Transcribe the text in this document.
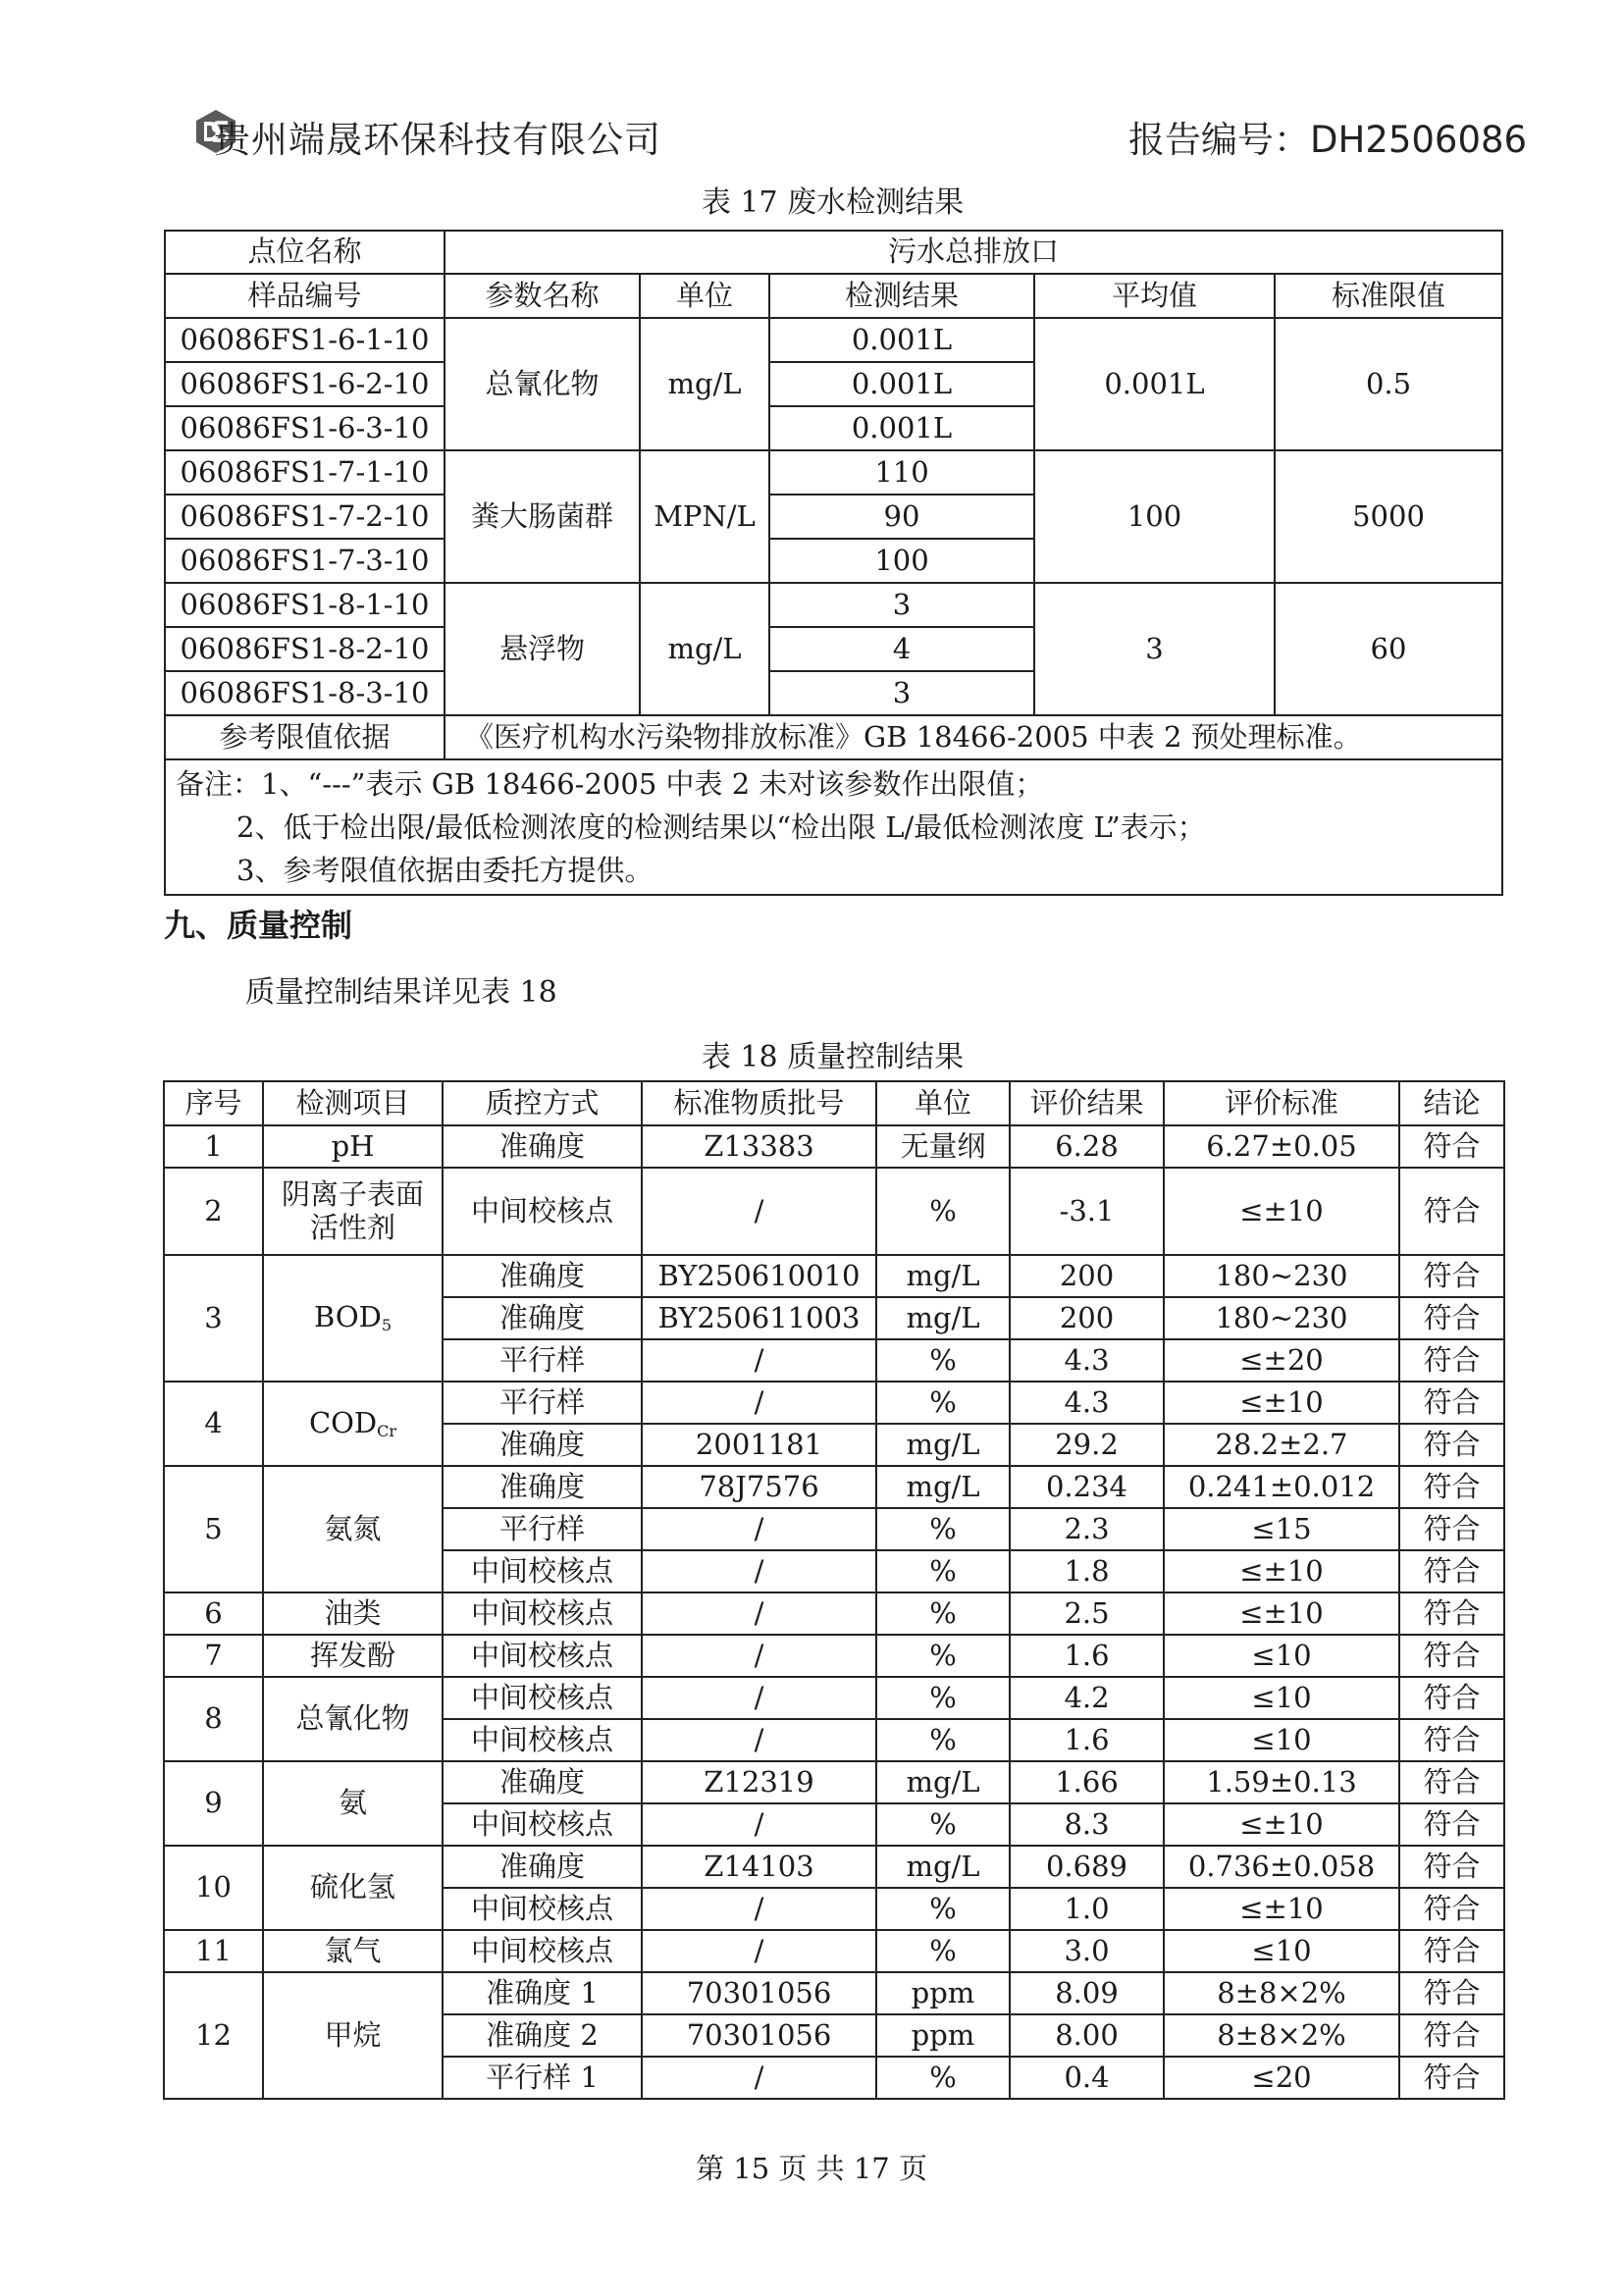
贵州端晟环保科技有限公司	报告编号：DH2506086
表 17 废水检测结果
点位名称	污水总排放口				
样品编号	参数名称	单位	检测结果	平均值	标准限值
06086FS1-6-1-10	总氰化物	mg/L	0.001L	0.001L	0.5
06086FS1-6-2-10			0.001L		
06086FS1-6-3-10			0.001L		
06086FS1-7-1-10	粪大肠菌群	MPN/L	110	100	5000
06086FS1-7-2-10			90		
06086FS1-7-3-10			100		
06086FS1-8-1-10	悬浮物	mg/L	3	3	60
06086FS1-8-2-10			4		
06086FS1-8-3-10			3		
参考限值依据	《医疗机构水污染物排放标准》GB 18466-2005 中表 2 预处理标准。				

备注：1、“---”表示 GB 18466-2005 中表 2 未对该参数作出限值；
2、低于检出限/最低检测浓度的检测结果以“检出限 L/最低检测浓度 L”表示；
3、参考限值依据由委托方提供。					
九、质量控制
质量控制结果详见表 18
表 18 质量控制结果
序号	检测项目	质控方式	标准物质批号	单位	评价结果	评价标准	结论
1	pH	准确度	Z13383	无量纲	6.28	6.27±0.05	符合
2	阴离子表面活性剂	中间校核点	/	%	-3.1	≤±10	符合
3	$BOD_5$	准确度	BY250610010	mg/L	200	180~230	符合
		准确度	BY250611003	mg/L	200	180~230	符合
		平行样	/	%	4.3	≤±20	符合
4	$COD_{Cr}$	平行样	/	%	4.3	≤±10	符合
		准确度	2001181	mg/L	29.2	28.2±2.7	符合
5	氨氮	准确度	78J7576	mg/L	0.234	0.241±0.012	符合
		平行样	/	%	2.3	≤15	符合
		中间校核点	/	%	1.8	≤±10	符合
6	油类	中间校核点	/	%	2.5	≤±10	符合
7	挥发酚	中间校核点	/	%	1.6	≤10	符合
8	总氰化物	中间校核点	/	%	4.2	≤10	符合
		中间校核点	/	%	1.6	≤10	符合
9	氨	准确度	Z12319	mg/L	1.66	1.59±0.13	符合
		中间校核点	/	%	8.3	≤±10	符合
10	硫化氢	准确度	Z14103	mg/L	0.689	0.736±0.058	符合
		中间校核点	/	%	1.0	≤±10	符合
11	氯气	中间校核点	/	%	3.0	≤10	符合
12	甲烷	准确度 1	70301056	ppm	8.09	8±8×2%	符合
		准确度 2	70301056	ppm	8.00	8±8×2%	符合
		平行样 1	/	%	0.4	≤20	符合
第 15 页 共 17 页
